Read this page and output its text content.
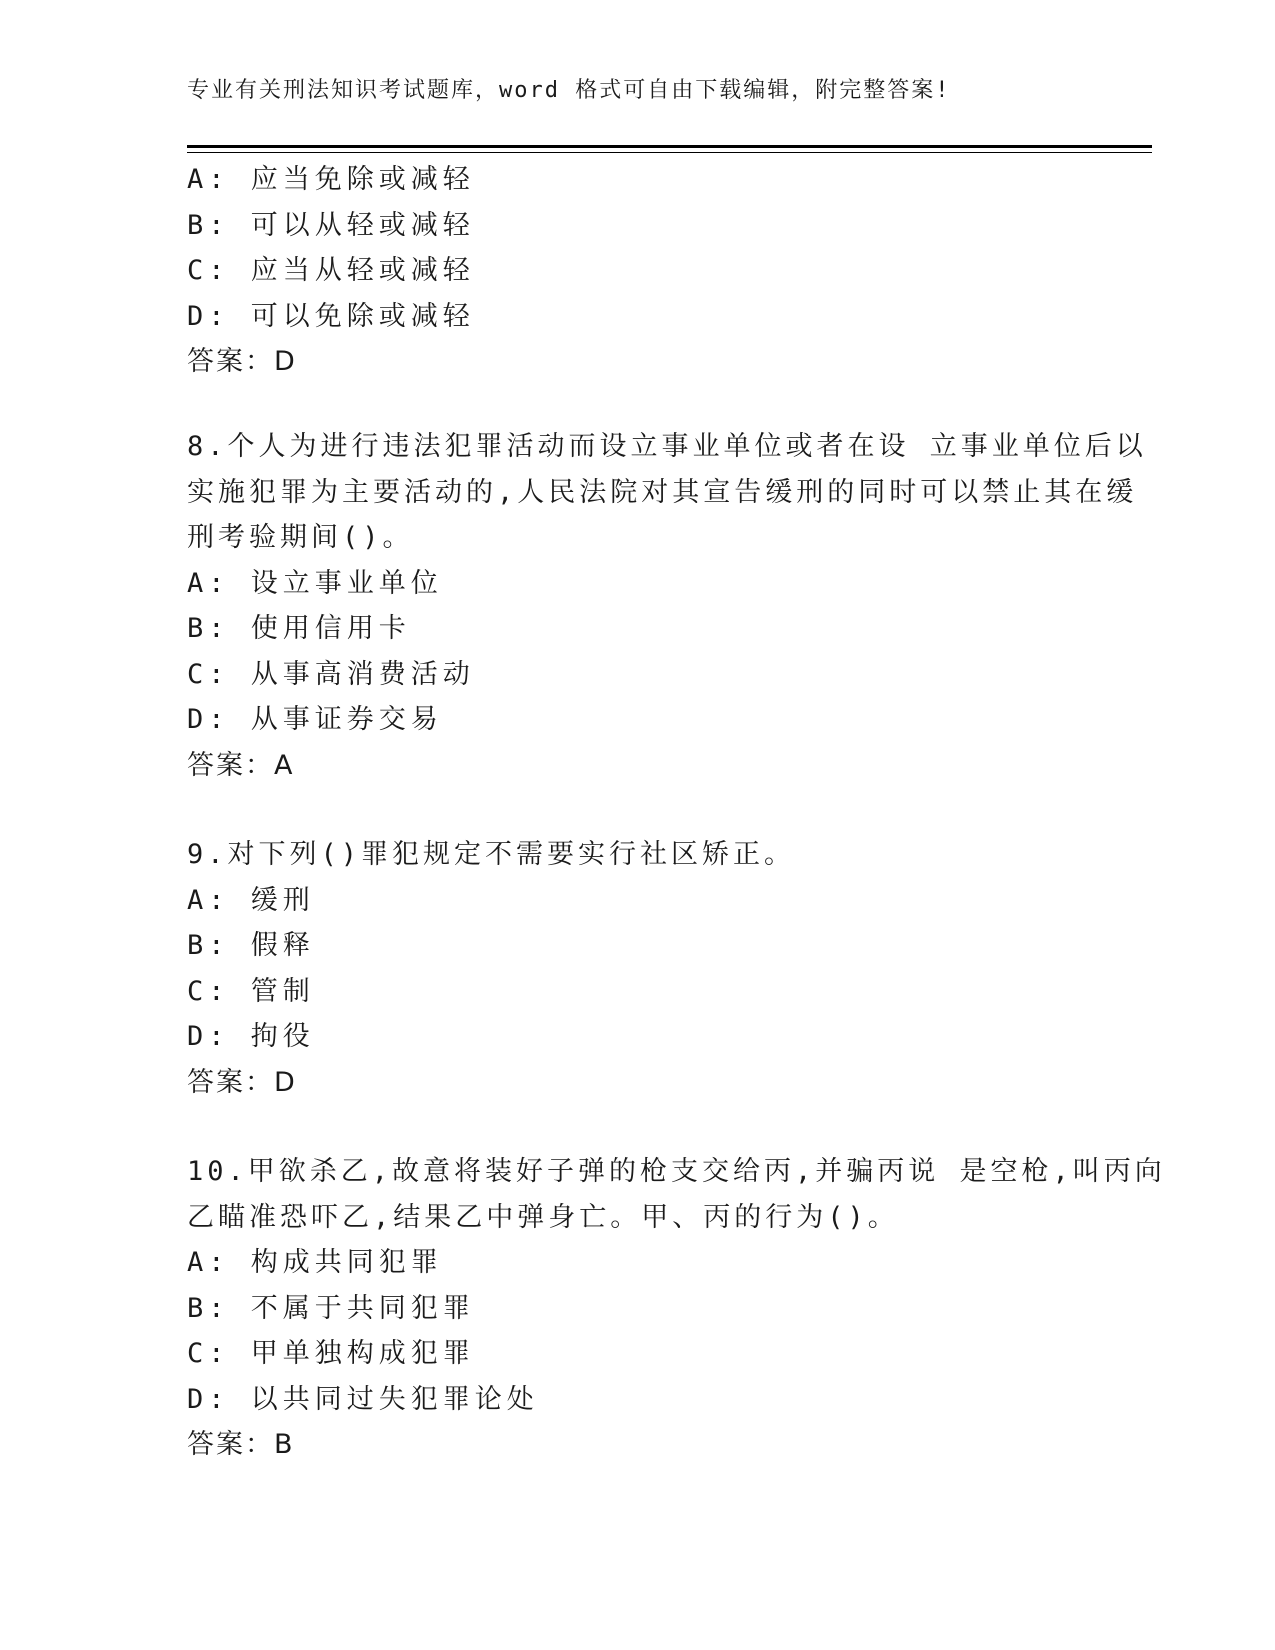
专业有关刑法知识考试题库，word 格式可自由下载编辑，附完整答案!
A: 应当免除或减轻
B: 可以从轻或减轻
C: 应当从轻或减轻
D: 可以免除或减轻
答案：D
8.个人为进行违法犯罪活动而设立事业单位或者在设 立事业单位后以
实施犯罪为主要活动的,人民法院对其宣告缓刑的同时可以禁止其在缓
刑考验期间()。
A: 设立事业单位
B: 使用信用卡
C: 从事高消费活动
D: 从事证券交易
答案：A
9.对下列()罪犯规定不需要实行社区矫正。
A: 缓刑
B: 假释
C: 管制
D: 拘役
答案：D
10.甲欲杀乙,故意将装好子弹的枪支交给丙,并骗丙说 是空枪,叫丙向
乙瞄准恐吓乙,结果乙中弹身亡。甲、丙的行为()。
A: 构成共同犯罪
B: 不属于共同犯罪
C: 甲单独构成犯罪
D: 以共同过失犯罪论处
答案：B
